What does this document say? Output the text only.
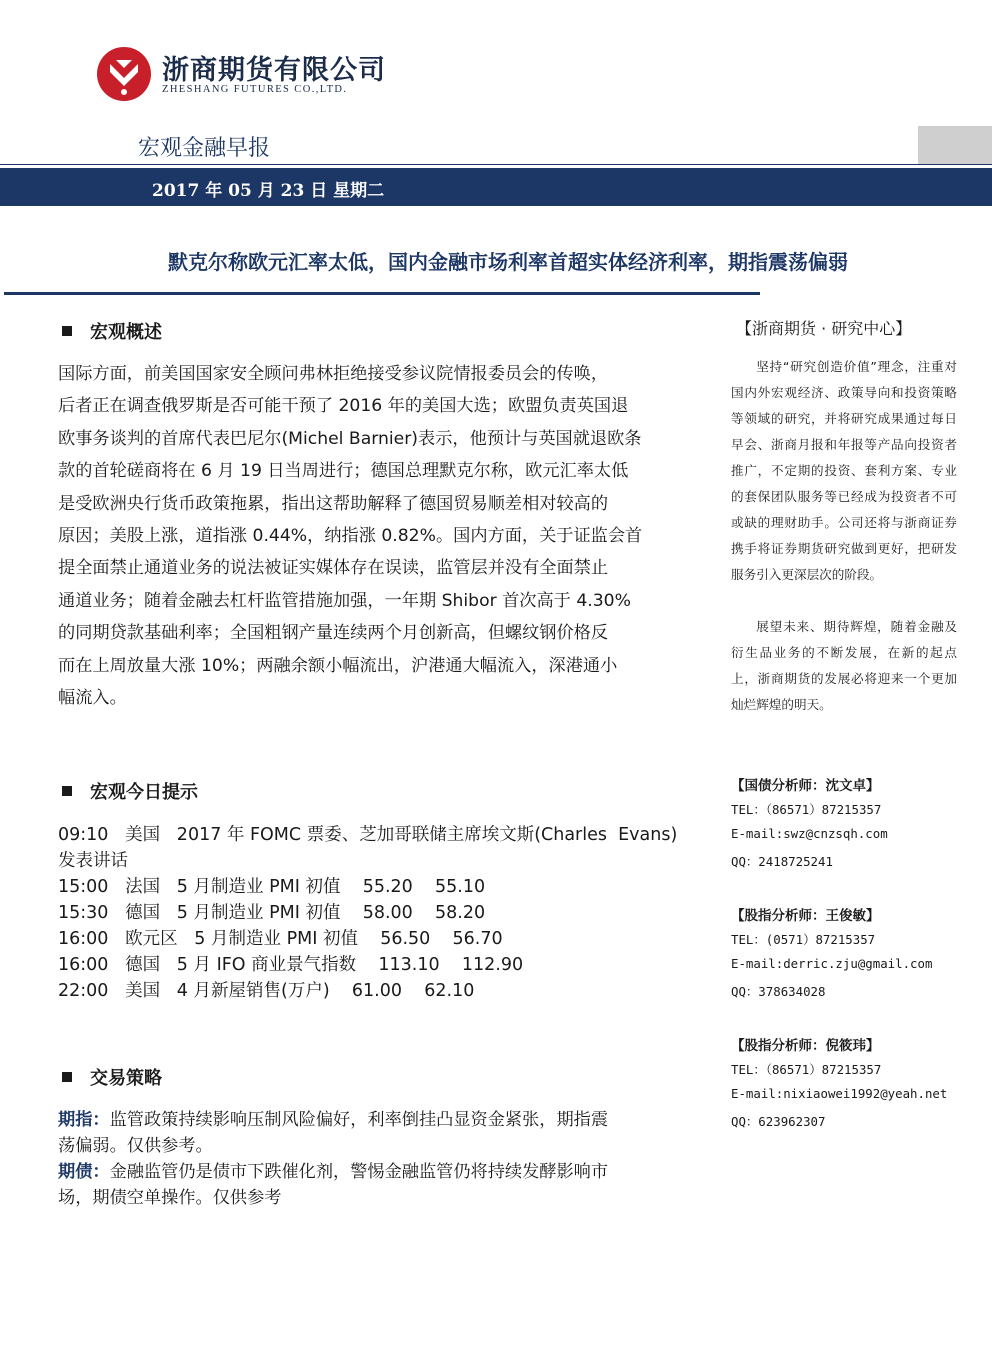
浙商期货有限公司
ZHESHANG FUTURES CO.,LTD.
宏观金融早报
2017 年 05 月 23 日 星期二
默克尔称欧元汇率太低，国内金融市场利率首超实体经济利率，期指震荡偏弱
宏观概述
国际方面，前美国国家安全顾问弗林拒绝接受参议院情报委员会的传唤，
后者正在调查俄罗斯是否可能干预了 2016 年的美国大选；欧盟负责英国退
欧事务谈判的首席代表巴尼尔(Michel Barnier)表示，他预计与英国就退欧条
款的首轮磋商将在 6 月 19 日当周进行；德国总理默克尔称，欧元汇率太低
是受欧洲央行货币政策拖累，指出这帮助解释了德国贸易顺差相对较高的
原因；美股上涨，道指涨 0.44%，纳指涨 0.82%。国内方面，关于证监会首
提全面禁止通道业务的说法被证实媒体存在误读，监管层并没有全面禁止
通道业务；随着金融去杠杆监管措施加强，一年期 Shibor 首次高于 4.30%
的同期贷款基础利率；全国粗钢产量连续两个月创新高，但螺纹钢价格反
而在上周放量大涨 10%；两融余额小幅流出，沪港通大幅流入，深港通小
幅流入。
宏观今日提示
09:10   美国   2017 年 FOMC 票委、芝加哥联储主席埃文斯(Charles  Evans)
发表讲话
15:00   法国   5 月制造业 PMI 初值    55.20    55.10
15:30   德国   5 月制造业 PMI 初值    58.00    58.20
16:00   欧元区   5 月制造业 PMI 初值    56.50    56.70
16:00   德国   5 月 IFO 商业景气指数    113.10    112.90
22:00   美国   4 月新屋销售(万户)    61.00    62.10
交易策略
期指：监管政策持续影响压制风险偏好，利率倒挂凸显资金紧张，期指震
荡偏弱。仅供参考。
期债：金融监管仍是债市下跌催化剂，警惕金融监管仍将持续发酵影响市
场，期债空单操作。仅供参考
【浙商期货 · 研究中心】
坚持“研究创造价值”理念，注重对国内外宏观经济、政策导向和投资策略等领域的研究，并将研究成果通过每日早会、浙商月报和年报等产品向投资者推广，不定期的投资、套利方案、专业的套保团队服务等已经成为投资者不可或缺的理财助手。公司还将与浙商证券携手将证券期货研究做到更好，把研发服务引入更深层次的阶段。
展望未来、期待辉煌，随着金融及衍生品业务的不断发展，在新的起点上，浙商期货的发展必将迎来一个更加灿烂辉煌的明天。
【国债分析师：沈文卓】
TEL：（86571）87215357
E-mail:swz@cnzsqh.com
QQ：2418725241
【股指分析师：王俊敏】
TEL：(0571）87215357
E-mail:derric.zju@gmail.com
QQ：378634028
【股指分析师：倪筱玮】
TEL：（86571）87215357
E-mail:nixiaowei1992@yeah.net
QQ：623962307
